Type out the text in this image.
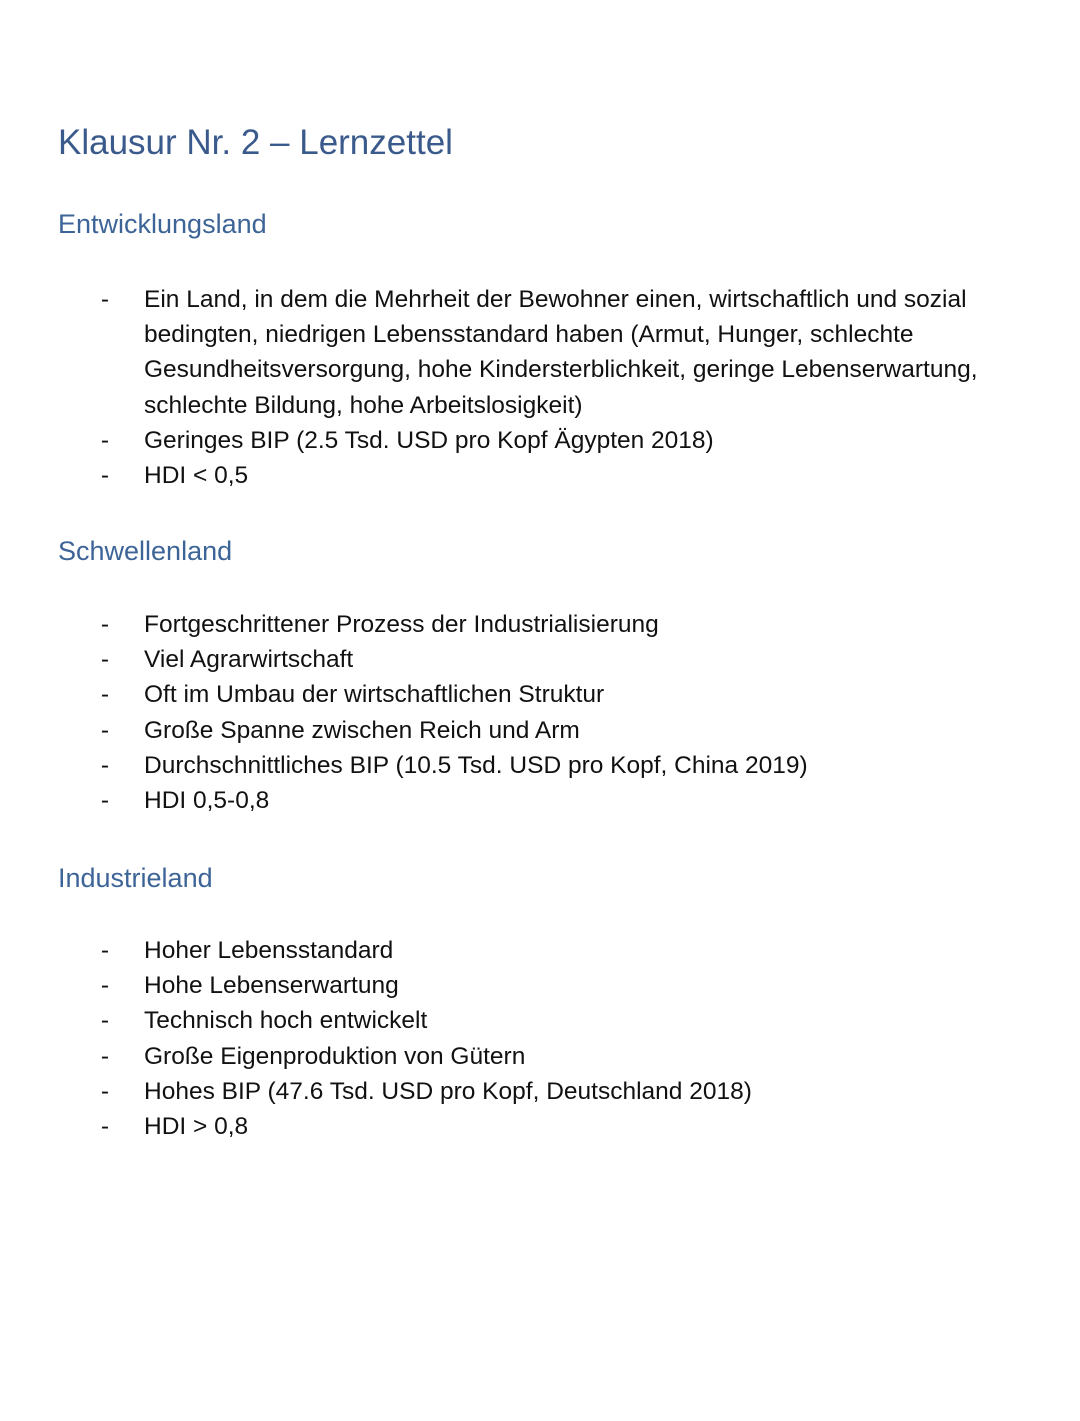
Klausur Nr. 2 – Lernzettel
Entwicklungsland
- Ein Land, in dem die Mehrheit der Bewohner einen, wirtschaftlich und sozial bedingten, niedrigen Lebensstandard haben (Armut, Hunger, schlechte Gesundheitsversorgung, hohe Kindersterblichkeit, geringe Lebenserwartung, schlechte Bildung, hohe Arbeitslosigkeit)
- Geringes BIP (2.5 Tsd. USD pro Kopf Ägypten 2018)
- HDI < 0,5
Schwellenland
- Fortgeschrittener Prozess der Industrialisierung
- Viel Agrarwirtschaft
- Oft im Umbau der wirtschaftlichen Struktur
- Große Spanne zwischen Reich und Arm
- Durchschnittliches BIP (10.5 Tsd. USD pro Kopf, China 2019)
- HDI 0,5-0,8
Industrieland
- Hoher Lebensstandard
- Hohe Lebenserwartung
- Technisch hoch entwickelt
- Große Eigenproduktion von Gütern
- Hohes BIP (47.6 Tsd. USD pro Kopf, Deutschland 2018)
- HDI > 0,8
